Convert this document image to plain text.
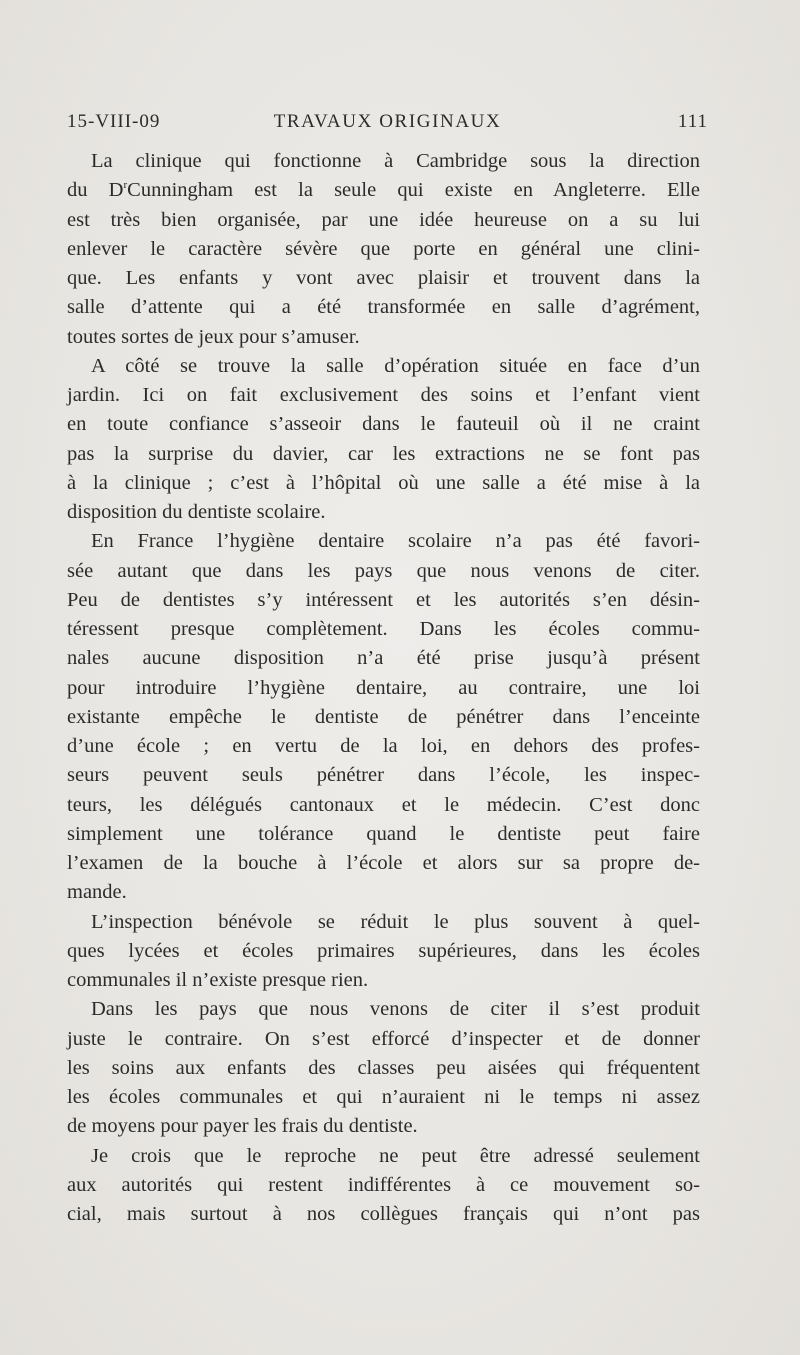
15-VIII-09	TRAVAUX ORIGINAUX	111
La clinique qui fonctionne à Cambridge sous la direction
du $D^rCunningham$ est la seule qui existe en Angleterre. Elle
est très bien organisée, par une idée heureuse on a su lui
enlever le caractère sévère que porte en général une clini-
que. Les enfants y vont avec plaisir et trouvent dans la
salle d’attente qui a été transformée en salle d’agrément,
toutes sortes de jeux pour s’amuser.
A côté se trouve la salle d’opération située en face d’un
jardin. Ici on fait exclusivement des soins et l’enfant vient
en toute confiance s’asseoir dans le fauteuil où il ne craint
pas la surprise du davier, car les extractions ne se font pas
à la clinique ; c’est à l’hôpital où une salle a été mise à la
disposition du dentiste scolaire.
En France l’hygiène dentaire scolaire n’a pas été favori-
sée autant que dans les pays que nous venons de citer.
Peu de dentistes s’y intéressent et les autorités s’en désin-
téressent presque complètement. Dans les écoles commu-
nales aucune disposition n’a été prise jusqu’à présent
pour introduire l’hygiène dentaire, au contraire, une loi
existante empêche le dentiste de pénétrer dans l’enceinte
d’une école ; en vertu de la loi, en dehors des profes-
seurs peuvent seuls pénétrer dans l’école, les inspec-
teurs, les délégués cantonaux et le médecin. C’est donc
simplement une tolérance quand le dentiste peut faire
l’examen de la bouche à l’école et alors sur sa propre de-
mande.
L’inspection bénévole se réduit le plus souvent à quel-
ques lycées et écoles primaires supérieures, dans les écoles
communales il n’existe presque rien.
Dans les pays que nous venons de citer il s’est produit
juste le contraire. On s’est efforcé d’inspecter et de donner
les soins aux enfants des classes peu aisées qui fréquentent
les écoles communales et qui n’auraient ni le temps ni assez
de moyens pour payer les frais du dentiste.
Je crois que le reproche ne peut être adressé seulement
aux autorités qui restent indifférentes à ce mouvement so-
cial, mais surtout à nos collègues français qui n’ont pas
